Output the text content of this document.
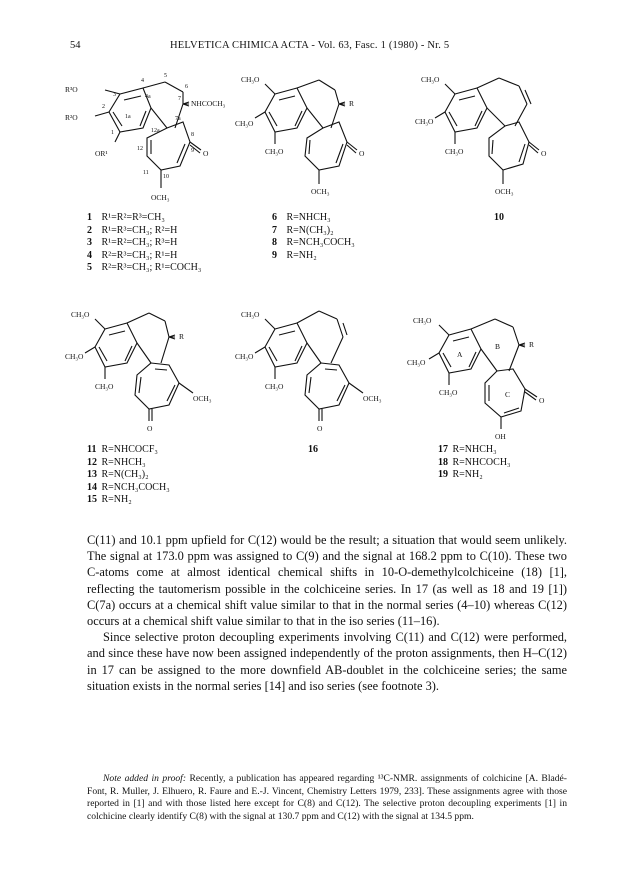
54	HELVETICA CHIMICA ACTA - Vol. 63, Fasc. 1 (1980) - Nr. 5
R³O
R²O
OR¹
OCH₃
NHCOCH₃
O
2
3
4
4a
5
6
7
7a
8
9
10
11
12
12a
1a
1
CH₃O
CH₃O
CH₃O
OCH₃
R
O
CH₃O
CH₃O
CH₃O
OCH₃
O
1 R¹=R²=R³=CH₃
2 R¹=R³=CH₃; R²=H
3 R¹=R²=CH₃; R³=H
4 R²=R³=CH₃; R¹=H
5 R²=R³=CH₃; R¹=COCH₃
6 R=NHCH₃
7 R=N(CH₃)₂
8 R=NCH₃COCH₃
9 R=NH₂
10
CH₃O
CH₃O
CH₃O
OCH₃
R
O
CH₃O
CH₃O
CH₃O
OCH₃
O
CH₃O
CH₃O
CH₃O
OH
R
O
A
B
C
11 R=NHCOCF₃
12 R=NHCH₃
13 R=N(CH₃)₂
14 R=NCH₃COCH₃
15 R=NH₂
16	17 R=NHCH₃
18 R=NHCOCH₃
19 R=NH₂

C(11) and 10.1 ppm upfield for C(12) would be the result; a situation that would seem unlikely. The signal at 173.0 ppm was assigned to C(9) and the signal at 168.2 ppm to C(10). These two C-atoms come at almost identical chemical shifts in 10-O-demethylcolchiceine (18) [1], reflecting the tautomerism possible in the colchiceine series. In 17 (as well as 18 and 19 [1]) C(7a) occurs at a chemical shift value similar to that in the normal series (4–10) whereas C(12) occurs at a chemical shift value similar to that in the iso series (11–16).

Since selective proton decoupling experiments involving C(11) and C(12) were performed, and since these have now been assigned independently of the proton assignments, then H–C(12) in 17 can be assigned to the more downfield AB-doublet in the colchiceine series; the same situation exists in the normal series [14] and iso series (see footnote 3).

Note added in proof: Recently, a publication has appeared regarding ¹³C-NMR. assignments of colchicine [A. Bladé-Font, R. Muller, J. Elhuero, R. Faure and E.-J. Vincent, Chemistry Letters 1979, 233]. These assignments agree with those reported in [1] and with those listed here except for C(8) and C(12). The selective proton decoupling experiments [1] in colchicine clearly identify C(8) with the signal at 130.7 ppm and C(12) with the signal at 134.5 ppm.
